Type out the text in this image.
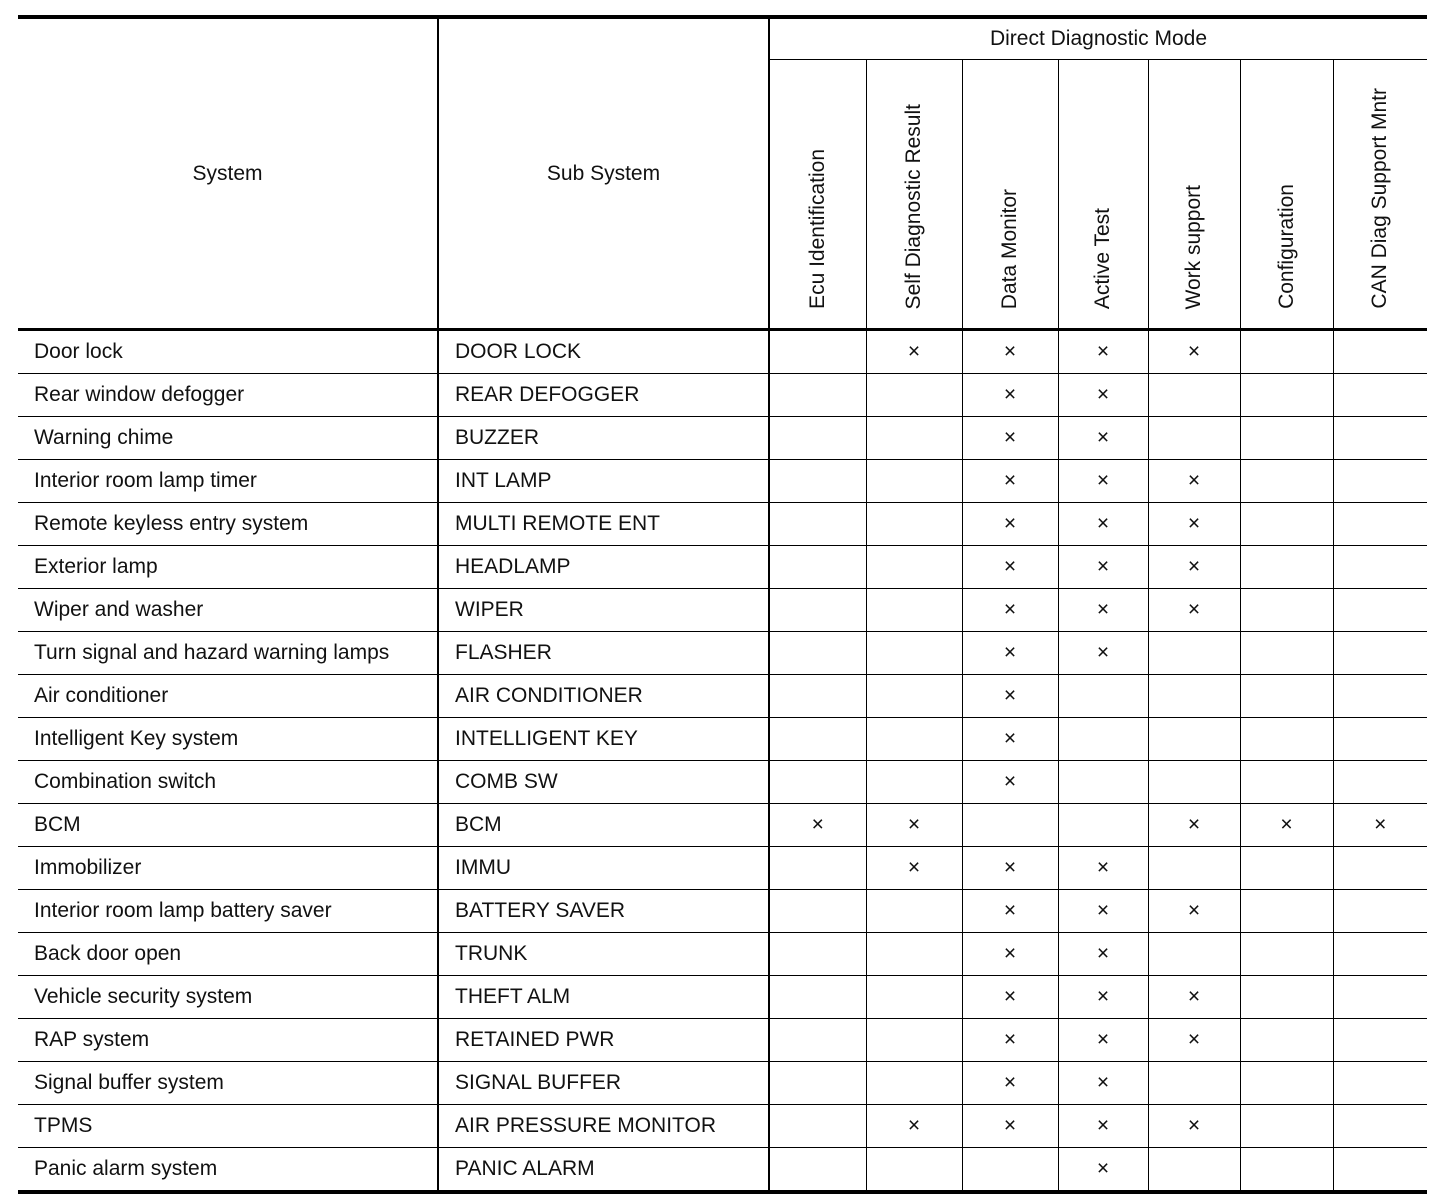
System	Sub System	Direct Diagnostic Mode						
		Ecu Identification	Self Diagnostic Result	Data Monitor	Active Test	Work support	Configuration	CAN Diag Support Mntr
Door lock	DOOR LOCK		×	×	×	×		
Rear window defogger	REAR DEFOGGER			×	×			
Warning chime	BUZZER			×	×			
Interior room lamp timer	INT LAMP			×	×	×		
Remote keyless entry system	MULTI REMOTE ENT			×	×	×		
Exterior lamp	HEADLAMP			×	×	×		
Wiper and washer	WIPER			×	×	×		
Turn signal and hazard warning lamps	FLASHER			×	×			
Air conditioner	AIR CONDITIONER			×				
Intelligent Key system	INTELLIGENT KEY			×				
Combination switch	COMB SW			×				
BCM	BCM	×	×			×	×	×
Immobilizer	IMMU		×	×	×			
Interior room lamp battery saver	BATTERY SAVER			×	×	×		
Back door open	TRUNK			×	×			
Vehicle security system	THEFT ALM			×	×	×		
RAP system	RETAINED PWR			×	×	×		
Signal buffer system	SIGNAL BUFFER			×	×			
TPMS	AIR PRESSURE MONITOR		×	×	×	×		
Panic alarm system	PANIC ALARM				×			
